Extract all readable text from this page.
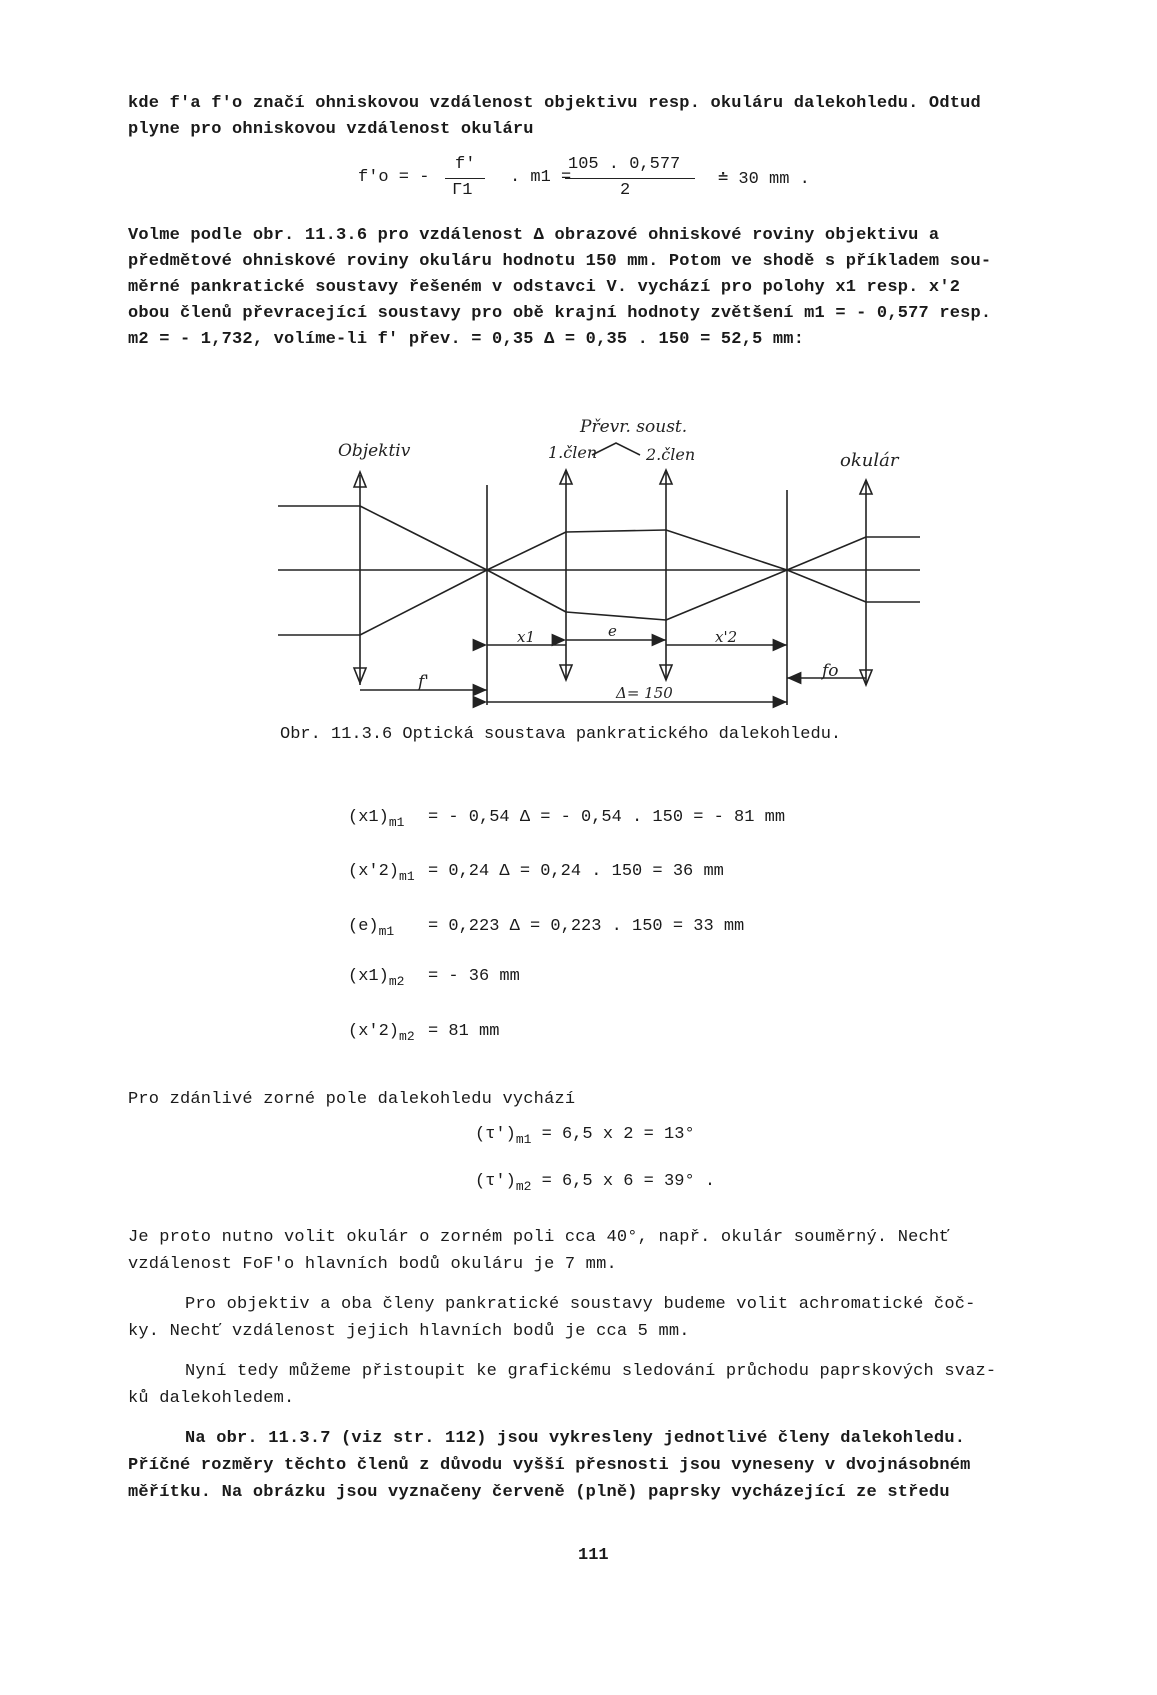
kde f'a f'o značí ohniskovou vzdálenost objektivu resp. okuláru dalekohledu. Odtud
plyne pro ohniskovou vzdálenost okuláru
f'o = -
f'
Γ1
. m1 =
105 . 0,577
2
≐ 30 mm .
Volme podle obr. 11.3.6 pro vzdálenost Δ obrazové ohniskové roviny objektivu a
předmětové ohniskové roviny okuláru hodnotu 150 mm. Potom ve shodě s příkladem sou-
měrné pankratické soustavy řešeném v odstavci V. vychází pro polohy x1 resp. x'2
obou členů převracející soustavy pro obě krajní hodnoty zvětšení m1 = - 0,577 resp.
m2 = - 1,732, volíme-li f' přev. = 0,35 Δ = 0,35 . 150 = 52,5 mm:
Objektiv
Převr. soust.
1.člen	2.člen	okulár
x1	e	x'2
f'
fo
Δ= 150
Obr. 11.3.6 Optická soustava pankratického dalekohledu.
$(x1)_{m1}$ = - 0,54 Δ = - 0,54 . 150 = - 81 mm
$(x'2)_{m1} = 0,24$ Δ = 0,24 . 150 = 36 mm
$(e)_{m1} = 0,223$ Δ = 0,223 . 150 = 33 mm
$(x1)_{m2}$ = - 36 mm
$(x'2)_{m2} = 81$ mm
Pro zdánlivé zorné pole dalekohledu vychází
$(\tau')_{m1} = 6,5$ x 2 = 13°
$(\tau')_{m2} = 6,5$ x 6 = 39° .
Je proto nutno volit okulár o zorném poli cca 40°, např. okulár souměrný. Nechť
vzdálenost FoF'o hlavních bodů okuláru je 7 mm.
Pro objektiv a oba členy pankratické soustavy budeme volit achromatické čoč-
ky. Nechť vzdálenost jejich hlavních bodů je cca 5 mm.
Nyní tedy můžeme přistoupit ke grafickému sledování průchodu paprskových svaz-
ků dalekohledem.
Na obr. 11.3.7 (viz str. 112) jsou vykresleny jednotlivé členy dalekohledu.
Příčné rozměry těchto členů z důvodu vyšší přesnosti jsou vyneseny v dvojnásobném
měřítku. Na obrázku jsou vyznačeny červeně (plně) paprsky vycházející ze středu
111
